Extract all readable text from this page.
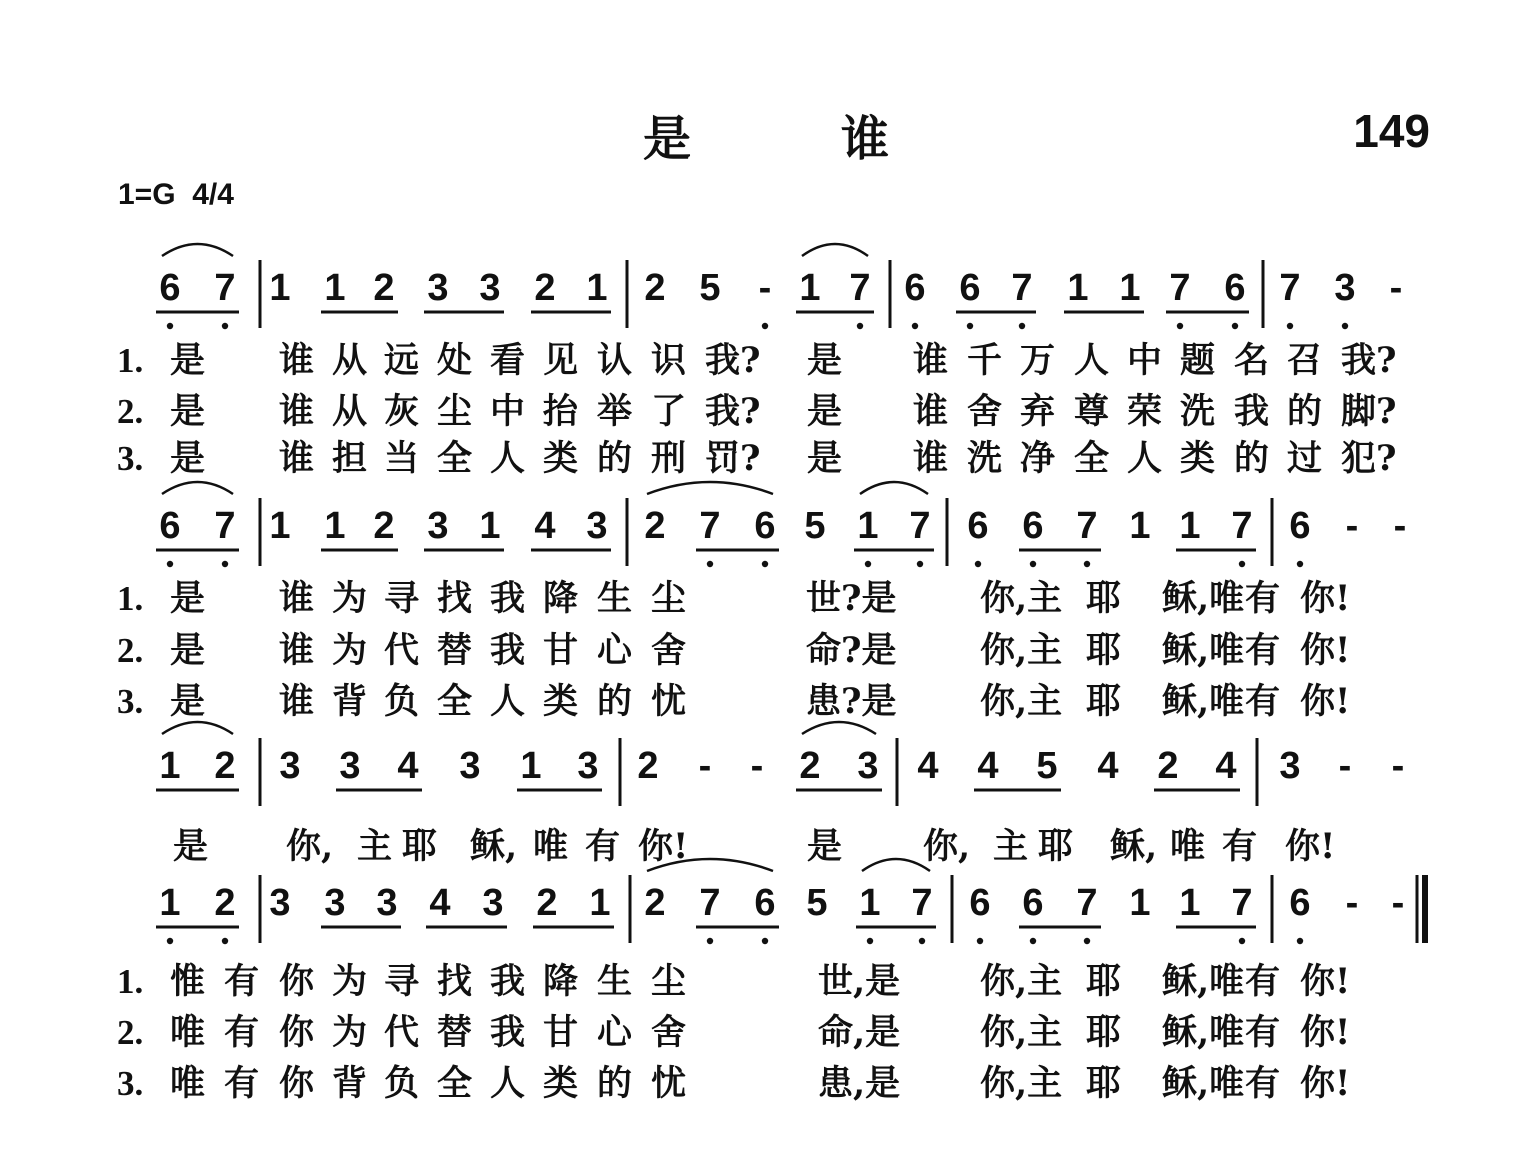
是谁	149
1=G  4/4
6 7 1 1 2 3 3 2 1 2 5 - 1 7 6 6 7 1 1 7 6 7 3 -
1. 是 谁 从 远 处 看 见 认 识 我? 是 谁 千 万 人 中 题 名 召 我?
2. 是 谁 从 灰 尘 中 抬 举 了 我? 是 谁 舍 弃 尊 荣 洗 我 的 脚?
3. 是 谁 担 当 全 人 类 的 刑 罚? 是 谁 洗 净 全 人 类 的 过 犯?
6 7 1 1 2 3 1 4 3 2 7 6 5 1 7 6 6 7 1 1 7 6 - -
1. 是 谁 为 寻 找 我 降 生 尘	世?是 你,主 耶 稣,唯 有 你!
2. 是 谁 为 代 替 我 甘 心 舍	命?是 你,主 耶 稣,唯 有 你!
3. 是 谁 背 负 全 人 类 的 忧	患?是 你,主 耶 稣,唯 有 你!
1 2 3 3 4 3 1 3 2 - - 2 3 4 4 5 4 2 4 3 - -
是 你, 主 耶 稣, 唯 有 你!	是 你, 主 耶 稣, 唯 有 你!
1 2 3 3 3 4 3 2 1 2 7 6 5 1 7 6 6 7 1 1 7 6 - -
1. 惟 有 你 为 寻 找 我 降 生 尘	世,是 你,主 耶 稣,唯 有 你!
2. 唯 有 你 为 代 替 我 甘 心 舍	命,是 你,主 耶 稣,唯 有 你!
3. 唯 有 你 背 负 全 人 类 的 忧	患,是 你,主 耶 稣,唯 有 你!
